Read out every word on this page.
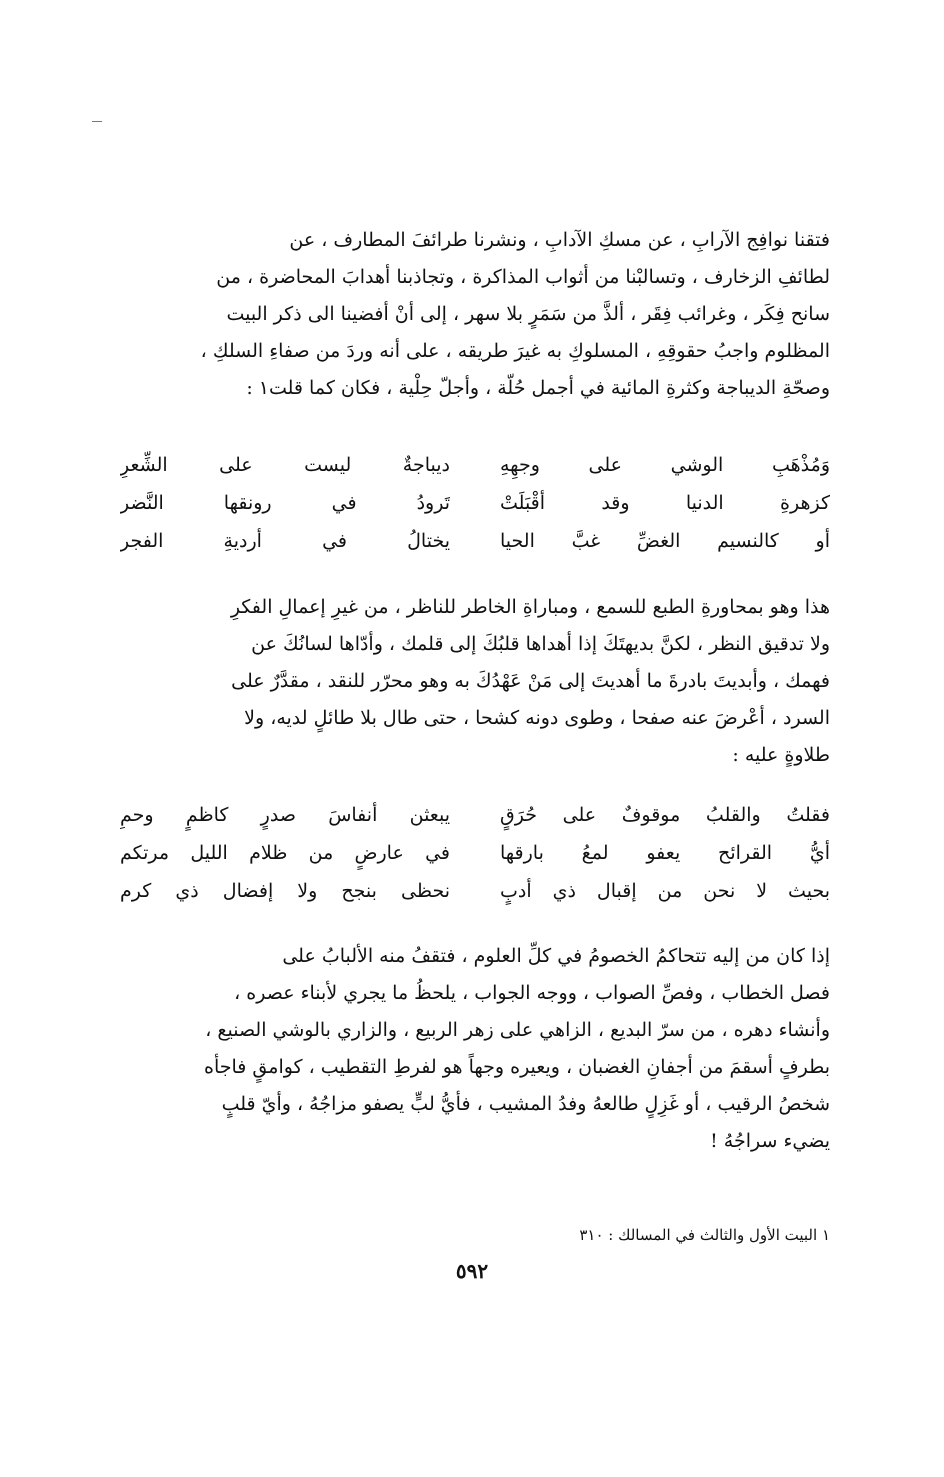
فتقنا نوافِج الآرابِ ، عن مسكِ الآدابِ ، ونشرنا طرائفَ المطارف ، عن
لطائفِ الزخارف ، وتسالبْنا من أثواب المذاكرة ، وتجاذبنا أهدابَ المحاضرة ، من
سانح فِكَر ، وغرائب فِقَر ، ألذَّ من سَمَرٍ بلا سهر ، إلى أنْ أفضينا الى ذكر البيت
المظلوم واجبُ حقوقِهِ ، المسلوكِ به غيرَ طريقه ، على أنه وردَ من صفاءِ السلكِ ،
وصحّةِ الديباجة وكثرةِ المائية في أجمل حُلّة ، وأجلّ حِلْية ، فكان كما قلت١ :
وَمُذْهَبِ الوشي على وجهِهِ
ديباجةٌ ليست على الشِّعرِ
كزهرةِ الدنيا وقد أقْبَلَتْ
تَرودُ في رونقها النَّضر
أو كالنسيم الغضِّ غبَّ الحيا
يختالُ في أرديةِ الفجر
هذا وهو بمحاورةِ الطبع للسمع ، ومباراةِ الخاطر للناظر ، من غيرِ إعمالِ الفكرِ
ولا تدقيق النظر ، لكنَّ بديهتَكَ إذا أهداها قلبُكَ إلى قلمك ، وأدّاها لسانُكَ عن
فهمك ، وأبديتَ بادرةَ ما أهديتَ إلى مَنْ عَهْدُكَ به وهو محرّر للنقد ، مقدَّرٌ على
السرد ، أعْرضَ عنه صفحا ، وطوى دونه كشحا ، حتى طال بلا طائلٍ لديه، ولا
طلاوةٍ عليه :
فقلتُ والقلبُ موقوفٌ على حُرَقٍ
يبعثن أنفاسَ صدرٍ كاظمٍ وحمِ
أيُّ القرائح يعفو لمعُ بارقها
في عارضٍ من ظلام الليل مرتكم
بحيث لا نحن من إقبال ذي أدبٍ
نحظى بنجح ولا إفضال ذي كرم
إذا كان من إليه تتحاكمُ الخصومُ في كلِّ العلوم ، فتقفُ منه الألبابُ على
فصل الخطاب ، وفصِّ الصواب ، ووجه الجواب ، يلحظُ ما يجري لأبناء عصره ،
وأنشاء دهره ، من سرّ البديع ، الزاهي على زهر الربيع ، والزاري بالوشي الصنيع ،
بطرفٍ أسقمَ من أجفانِ الغضبان ، ويعيره وجهاً هو لفرطِ التقطيب ، كوامقٍ فاجأه
شخصُ الرقيب ، أو غَزِلٍ طالعهُ وفدُ المشيب ، فأيُّ لبٍّ يصفو مزاجُهُ ، وأيّ قلبٍ
يضيء سراجُهُ !
١ البيت الأول والثالث في المسالك : ٣١٠
٥٩٢
